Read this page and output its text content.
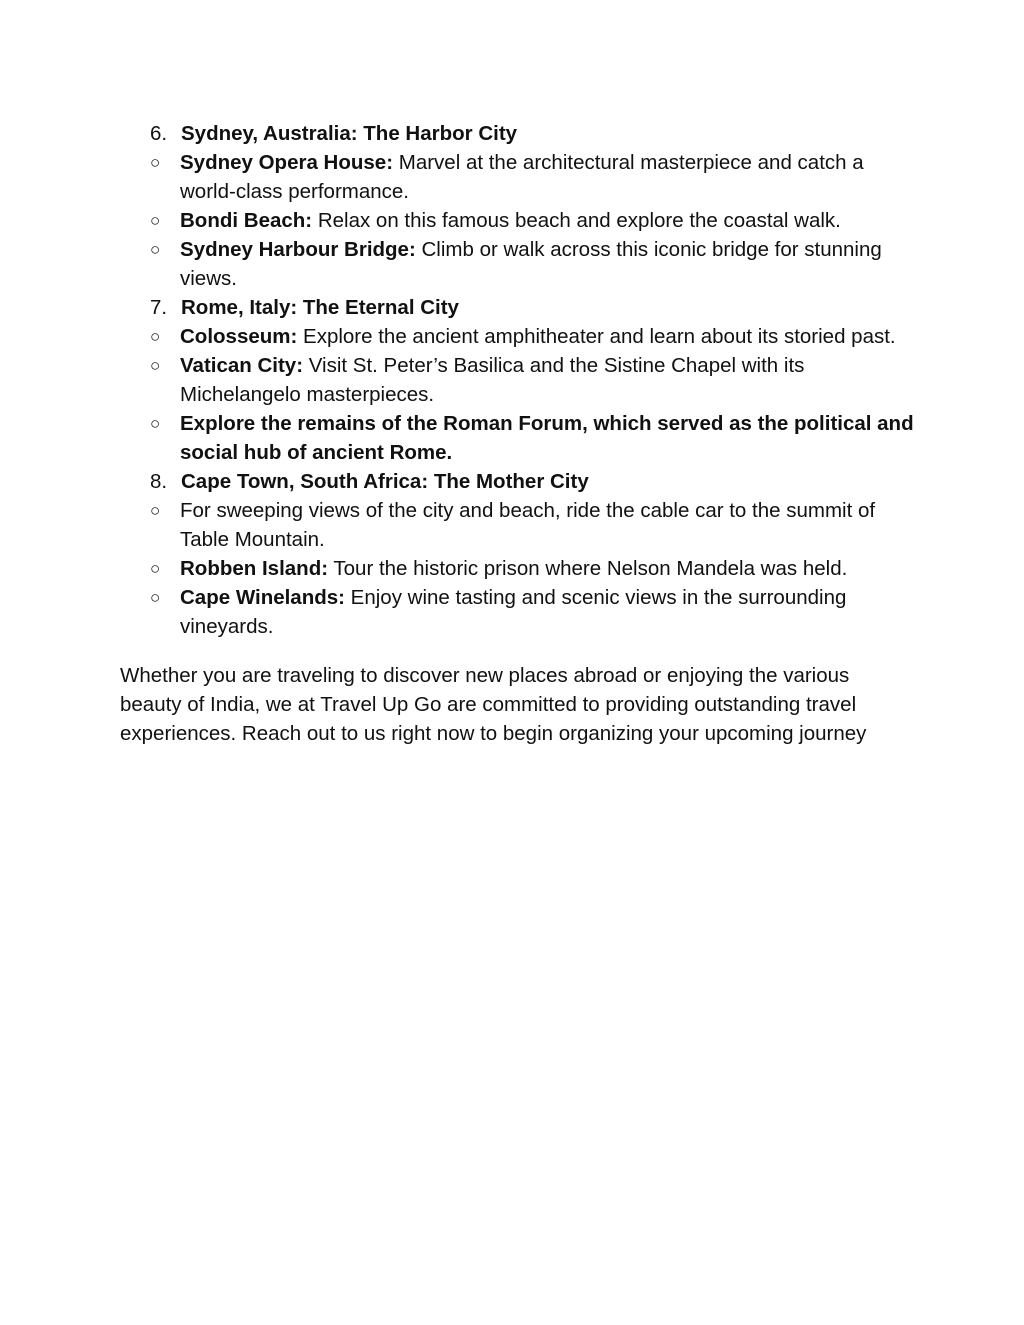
6. Sydney, Australia: The Harbor City
○ Sydney Opera House: Marvel at the architectural masterpiece and catch a world-class performance.
○ Bondi Beach: Relax on this famous beach and explore the coastal walk.
○ Sydney Harbour Bridge: Climb or walk across this iconic bridge for stunning views.
7. Rome, Italy: The Eternal City
○ Colosseum: Explore the ancient amphitheater and learn about its storied past.
○ Vatican City: Visit St. Peter’s Basilica and the Sistine Chapel with its Michelangelo masterpieces.
○ Explore the remains of the Roman Forum, which served as the political and social hub of ancient Rome.
8. Cape Town, South Africa: The Mother City
○ For sweeping views of the city and beach, ride the cable car to the summit of Table Mountain.
○ Robben Island: Tour the historic prison where Nelson Mandela was held.
○ Cape Winelands: Enjoy wine tasting and scenic views in the surrounding vineyards.

Whether you are traveling to discover new places abroad or enjoying the various beauty of India, we at Travel Up Go are committed to providing outstanding travel experiences. Reach out to us right now to begin organizing your upcoming journey
